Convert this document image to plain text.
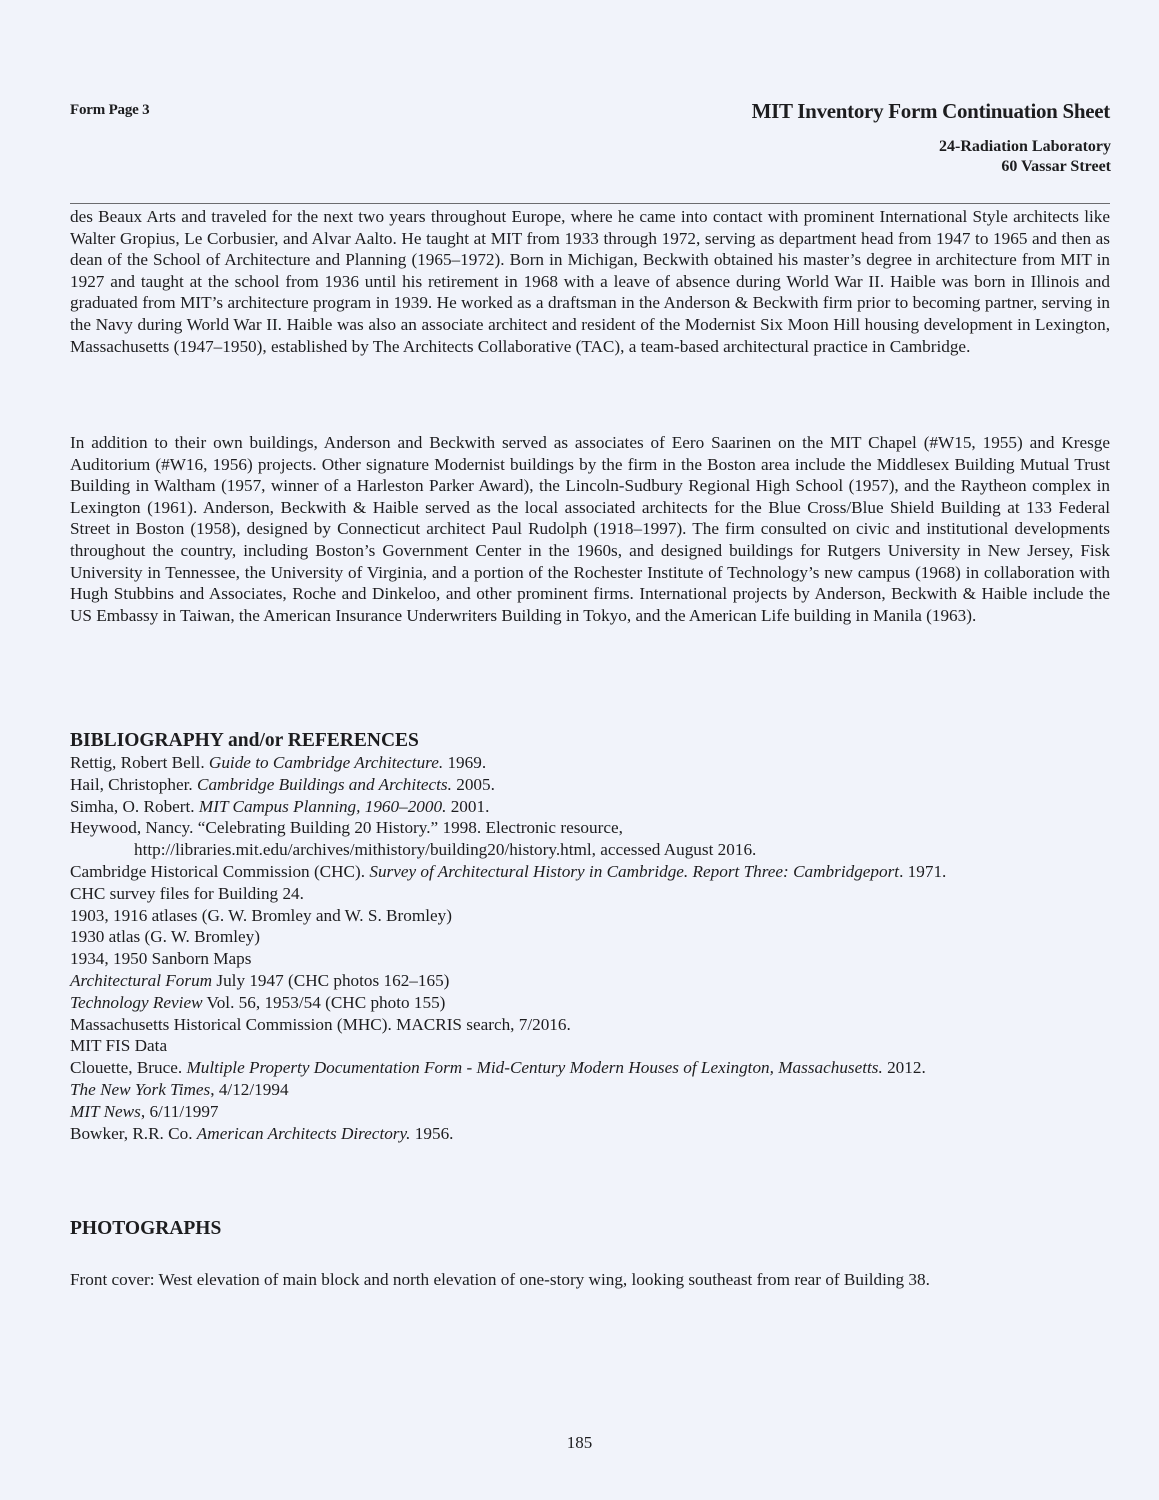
Form Page 3	MIT Inventory Form Continuation Sheet
24-Radiation Laboratory
60 Vassar Street

des Beaux Arts and traveled for the next two years throughout Europe, where he came into contact with prominent International Style architects like Walter Gropius, Le Corbusier, and Alvar Aalto. He taught at MIT from 1933 through 1972, serving as department head from 1947 to 1965 and then as dean of the School of Architecture and Planning (1965–1972). Born in Michigan, Beckwith obtained his master’s degree in architecture from MIT in 1927 and taught at the school from 1936 until his retirement in 1968 with a leave of absence during World War II. Haible was born in Illinois and graduated from MIT’s architecture program in 1939. He worked as a draftsman in the Anderson & Beckwith firm prior to becoming partner, serving in the Navy during World War II. Haible was also an associate architect and resident of the Modernist Six Moon Hill housing development in Lexington, Massachusetts (1947–1950), established by The Architects Collaborative (TAC), a team-based architectural practice in Cambridge.

In addition to their own buildings, Anderson and Beckwith served as associates of Eero Saarinen on the MIT Chapel (#W15, 1955) and Kresge Auditorium (#W16, 1956) projects. Other signature Modernist buildings by the firm in the Boston area include the Middlesex Building Mutual Trust Building in Waltham (1957, winner of a Harleston Parker Award), the Lincoln-Sudbury Regional High School (1957), and the Raytheon complex in Lexington (1961). Anderson, Beckwith & Haible served as the local associated architects for the Blue Cross/Blue Shield Building at 133 Federal Street in Boston (1958), designed by Connecticut architect Paul Rudolph (1918–1997). The firm consulted on civic and institutional developments throughout the country, including Boston’s Government Center in the 1960s, and designed buildings for Rutgers University in New Jersey, Fisk University in Tennessee, the University of Virginia, and a portion of the Rochester Institute of Technology’s new campus (1968) in collaboration with Hugh Stubbins and Associates, Roche and Dinkeloo, and other prominent firms. International projects by Anderson, Beckwith & Haible include the US Embassy in Taiwan, the American Insurance Underwriters Building in Tokyo, and the American Life building in Manila (1963).

BIBLIOGRAPHY and/or REFERENCES
Rettig, Robert Bell. Guide to Cambridge Architecture. 1969.
Hail, Christopher. Cambridge Buildings and Architects. 2005.
Simha, O. Robert. MIT Campus Planning, 1960–2000. 2001.
Heywood, Nancy. “Celebrating Building 20 History.” 1998. Electronic resource,
http://libraries.mit.edu/archives/mithistory/building20/history.html, accessed August 2016.
Cambridge Historical Commission (CHC). Survey of Architectural History in Cambridge. Report Three: Cambridgeport. 1971.
CHC survey files for Building 24.
1903, 1916 atlases (G. W. Bromley and W. S. Bromley)
1930 atlas (G. W. Bromley)
1934, 1950 Sanborn Maps
Architectural Forum July 1947 (CHC photos 162–165)
Technology Review Vol. 56, 1953/54 (CHC photo 155)
Massachusetts Historical Commission (MHC). MACRIS search, 7/2016.
MIT FIS Data
Clouette, Bruce. Multiple Property Documentation Form - Mid-Century Modern Houses of Lexington, Massachusetts. 2012.
The New York Times, 4/12/1994
MIT News, 6/11/1997
Bowker, R.R. Co. American Architects Directory. 1956.
PHOTOGRAPHS
Front cover: West elevation of main block and north elevation of one-story wing, looking southeast from rear of Building 38.
185
